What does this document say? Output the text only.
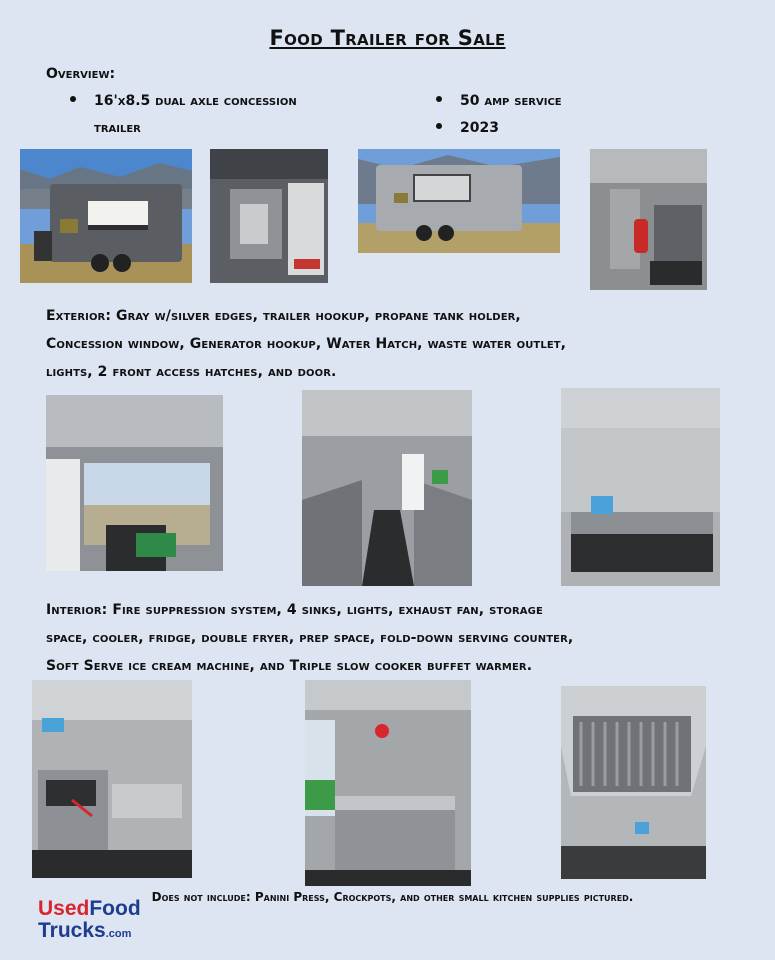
Food Trailer for Sale
Overview:
16'x8.5 dual axle concession
trailer
50 amp service
2023
Exterior: Gray w/silver edges, trailer hookup, propane tank holder,
Concession window, Generator hookup, Water Hatch, waste water outlet,
lights, 2 front access hatches, and door.
Interior: Fire suppression system, 4 sinks, lights, exhaust fan, storage
space, cooler, fridge, double fryer, prep space, fold-down serving counter,
Soft Serve ice cream machine, and Triple slow cooker buffet warmer.
Does not include: Panini Press, Crockpots, and other small kitchen supplies pictured.
UsedFood
Trucks.com
